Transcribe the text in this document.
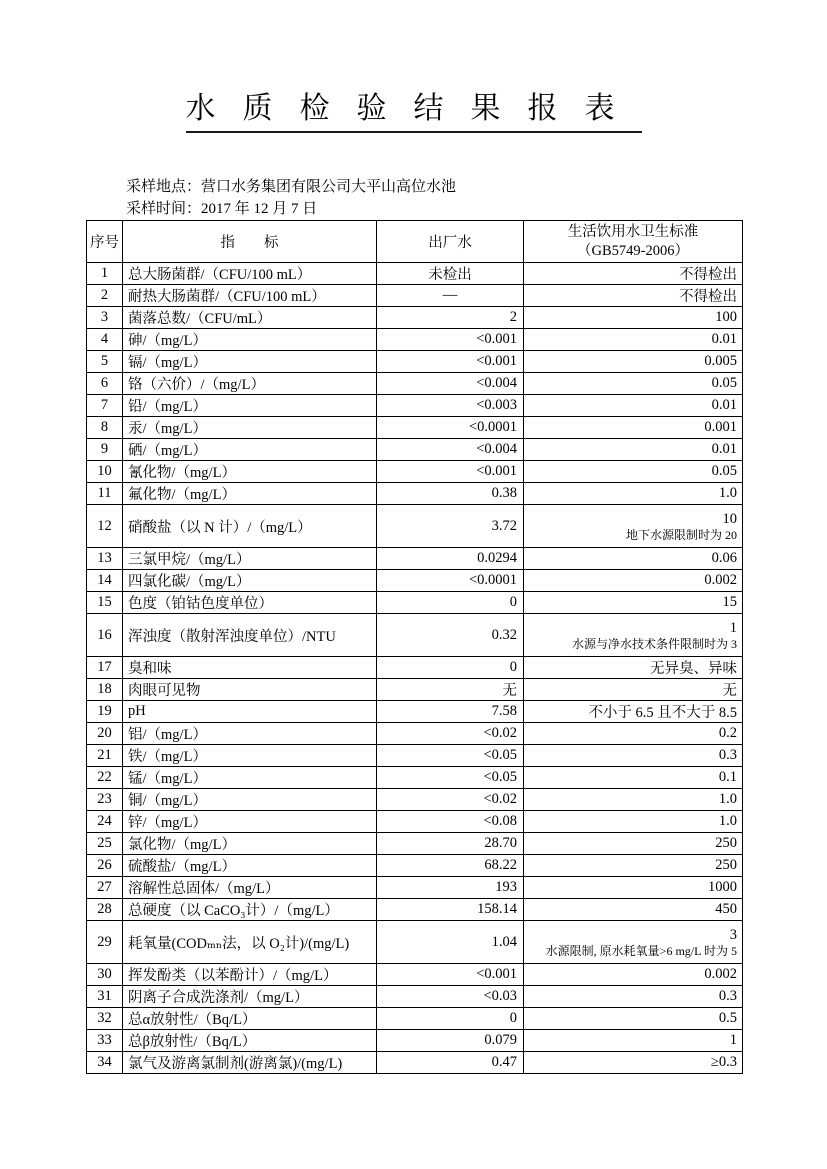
水质检验结果报表
采样地点：营口水务集团有限公司大平山高位水池
采样时间：2017 年 12 月 7 日
序号	指　　标	出厂水	生活饮用水卫生标准
（GB5749-2006）

1	总大肠菌群/（CFU/100 mL）	未检出	不得检出
2	耐热大肠菌群/（CFU/100 mL）	—	不得检出
3	菌落总数/（CFU/mL）	2	100
4	砷/（mg/L）	<0.001	0.01
5	镉/（mg/L）	<0.001	0.005
6	铬（六价）/（mg/L）	<0.004	0.05
7	铅/（mg/L）	<0.003	0.01
8	汞/（mg/L）	<0.0001	0.001
9	硒/（mg/L）	<0.004	0.01
10	氰化物/（mg/L）	<0.001	0.05
11	氟化物/（mg/L）	0.38	1.0
12	硝酸盐（以 N 计）/（mg/L）	3.72	10
地下水源限制时为 20

13	三氯甲烷/（mg/L）	0.0294	0.06
14	四氯化碳/（mg/L）	<0.0001	0.002
15	色度（铂钴色度单位）	0	15
16	浑浊度（散射浑浊度单位）/NTU	0.32	1
水源与净水技术条件限制时为 3

17	臭和味	0	无异臭、异味
18	肉眼可见物	无	无
19	pH	7.58	不小于 6.5 且不大于 8.5
20	铝/（mg/L）	<0.02	0.2
21	铁/（mg/L）	<0.05	0.3
22	锰/（mg/L）	<0.05	0.1
23	铜/（mg/L）	<0.02	1.0
24	锌/（mg/L）	<0.08	1.0
25	氯化物/（mg/L）	28.70	250
26	硫酸盐/（mg/L）	68.22	250
27	溶解性总固体/（mg/L）	193	1000
28	总硬度（以 CaCO₃计）/（mg/L）	158.14	450
29	耗氧量(CODₘₙ法，以 O₂计)/(mg/L)	1.04	3
水源限制, 原水耗氧量>6 mg/L 时为 5

30	挥发酚类（以苯酚计）/（mg/L）	<0.001	0.002
31	阴离子合成洗涤剂/（mg/L）	<0.03	0.3
32	总α放射性/（Bq/L）	0	0.5
33	总β放射性/（Bq/L）	0.079	1
34	氯气及游离氯制剂(游离氯)/(mg/L)	0.47	≥0.3
